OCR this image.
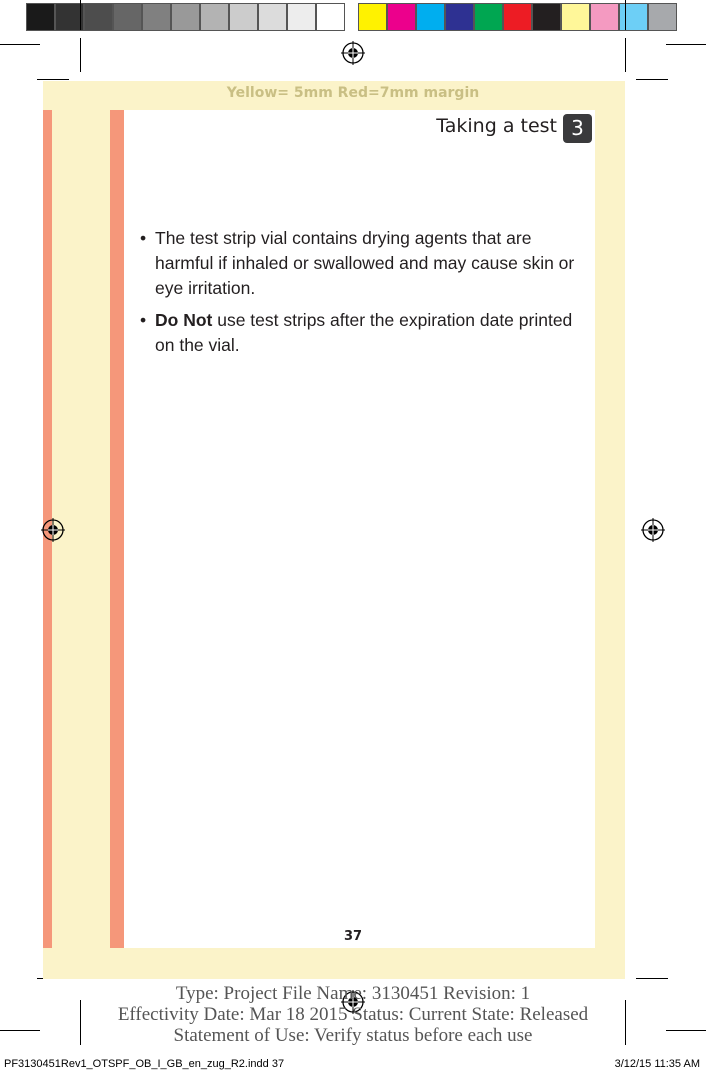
Yellow= 5mm Red=7mm margin
Taking a test 3
• The test strip vial contains drying agents that are harmful if inhaled or swallowed and may cause skin or eye irritation.
• Do Not use test strips after the expiration date printed on the vial.
37
Type: Project File Name: 3130451 Revision: 1
Effectivity Date: Mar 18 2015 Status: Current State: Released
Statement of Use: Verify status before each use
PF3130451Rev1_OTSPF_OB_I_GB_en_zug_R2.indd 37	3/12/15 11:35 AM
